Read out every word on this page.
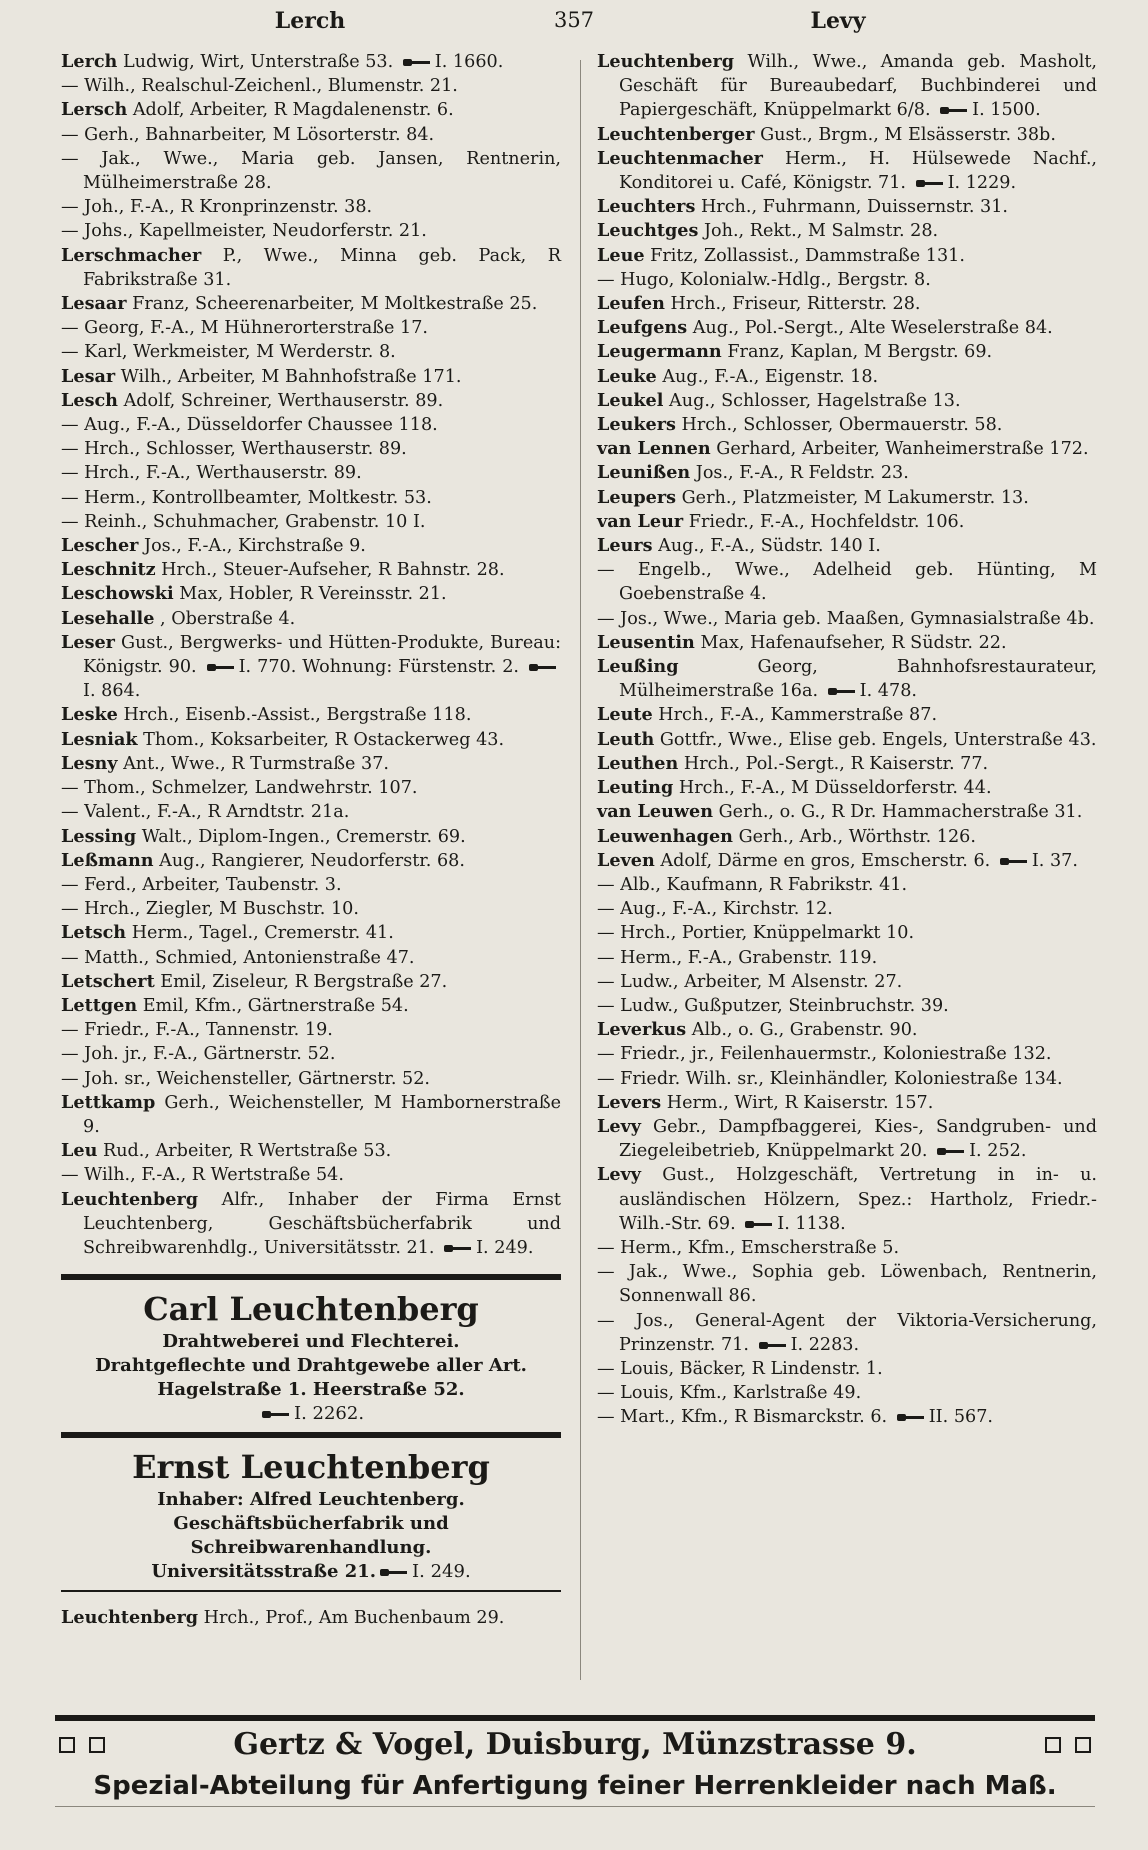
Lerch	357	Levy

Lerch Ludwig, Wirt, Unterstraße 53. I. 1660.

— Wilh., Realschul-Zeichenl., Blumenstr. 21.

Lersch Adolf, Arbeiter, R Magdalenenstr. 6.

— Gerh., Bahnarbeiter, M Lösorterstr. 84.

— Jak., Wwe., Maria geb. Jansen, Rentnerin, Mülheimerstraße 28.

— Joh., F.-A., R Kronprinzenstr. 38.

— Johs., Kapellmeister, Neudorferstr. 21.

Lerschmacher P., Wwe., Minna geb. Pack, R Fabrikstraße 31.

Lesaar Franz, Scheerenarbeiter, M Moltkestraße 25.

— Georg, F.-A., M Hühnerorterstraße 17.

— Karl, Werkmeister, M Werderstr. 8.

Lesar Wilh., Arbeiter, M Bahnhofstraße 171.

Lesch Adolf, Schreiner, Werthauserstr. 89.

— Aug., F.-A., Düsseldorfer Chaussee 118.

— Hrch., Schlosser, Werthauserstr. 89.

— Hrch., F.-A., Werthauserstr. 89.

— Herm., Kontrollbeamter, Moltkestr. 53.

— Reinh., Schuhmacher, Grabenstr. 10 I.

Lescher Jos., F.-A., Kirchstraße 9.

Leschnitz Hrch., Steuer-Aufseher, R Bahnstr. 28.

Leschowski Max, Hobler, R Vereinsstr. 21.

Lesehalle , Oberstraße 4.

Leser Gust., Bergwerks- und Hütten-Produkte, Bureau: Königstr. 90. I. 770. Wohnung: Fürstenstr. 2. I. 864.

Leske Hrch., Eisenb.-Assist., Bergstraße 118.

Lesniak Thom., Koksarbeiter, R Ostackerweg 43.

Lesny Ant., Wwe., R Turmstraße 37.

— Thom., Schmelzer, Landwehrstr. 107.

— Valent., F.-A., R Arndtstr. 21a.

Lessing Walt., Diplom-Ingen., Cremerstr. 69.

Leßmann Aug., Rangierer, Neudorferstr. 68.

— Ferd., Arbeiter, Taubenstr. 3.

— Hrch., Ziegler, M Buschstr. 10.

Letsch Herm., Tagel., Cremerstr. 41.

— Matth., Schmied, Antonienstraße 47.

Letschert Emil, Ziseleur, R Bergstraße 27.

Lettgen Emil, Kfm., Gärtnerstraße 54.

— Friedr., F.-A., Tannenstr. 19.

— Joh. jr., F.-A., Gärtnerstr. 52.

— Joh. sr., Weichensteller, Gärtnerstr. 52.

Lettkamp Gerh., Weichensteller, M Hambornerstraße 9.

Leu Rud., Arbeiter, R Wertstraße 53.

— Wilh., F.-A., R Wertstraße 54.

Leuchtenberg Alfr., Inhaber der Firma Ernst Leuchtenberg, Geschäftsbücherfabrik und Schreibwarenhdlg., Universitätsstr. 21. I. 249.

Carl Leuchtenberg
Drahtweberei und Flechterei.
Drahtgeflechte und Drahtgewebe aller Art.
Hagelstraße 1. Heerstraße 52.
I. 2262.
Ernst Leuchtenberg
Inhaber: Alfred Leuchtenberg.
Geschäftsbücherfabrik und
Schreibwarenhandlung.
Universitätsstraße 21. I. 249.

Leuchtenberg Hrch., Prof., Am Buchenbaum 29.

Leuchtenberg Wilh., Wwe., Amanda geb. Masholt, Geschäft für Bureaubedarf, Buchbinderei und Papiergeschäft, Knüppelmarkt 6/8. I. 1500.

Leuchtenberger Gust., Brgm., M Elsässerstr. 38b.

Leuchtenmacher Herm., H. Hülsewede Nachf., Konditorei u. Café, Königstr. 71. I. 1229.

Leuchters Hrch., Fuhrmann, Duissernstr. 31.

Leuchtges Joh., Rekt., M Salmstr. 28.

Leue Fritz, Zollassist., Dammstraße 131.

— Hugo, Kolonialw.-Hdlg., Bergstr. 8.

Leufen Hrch., Friseur, Ritterstr. 28.

Leufgens Aug., Pol.-Sergt., Alte Weselerstraße 84.

Leugermann Franz, Kaplan, M Bergstr. 69.

Leuke Aug., F.-A., Eigenstr. 18.

Leukel Aug., Schlosser, Hagelstraße 13.

Leukers Hrch., Schlosser, Obermauerstr. 58.

van Lennen Gerhard, Arbeiter, Wanheimerstraße 172.

Leunißen Jos., F.-A., R Feldstr. 23.

Leupers Gerh., Platzmeister, M Lakumerstr. 13.

van Leur Friedr., F.-A., Hochfeldstr. 106.

Leurs Aug., F.-A., Südstr. 140 I.

— Engelb., Wwe., Adelheid geb. Hünting, M Goebenstraße 4.

— Jos., Wwe., Maria geb. Maaßen, Gymnasialstraße 4b.

Leusentin Max, Hafenaufseher, R Südstr. 22.

Leußing	Georg, Bahnhofsrestaurateur, Mülheimerstraße 16a. I. 478.

Leute Hrch., F.-A., Kammerstraße 87.

Leuth Gottfr., Wwe., Elise geb. Engels, Unterstraße 43.

Leuthen Hrch., Pol.-Sergt., R Kaiserstr. 77.

Leuting Hrch., F.-A., M Düsseldorferstr. 44.

van Leuwen Gerh., o. G., R Dr. Hammacherstraße 31.

Leuwenhagen Gerh., Arb., Wörthstr. 126.

Leven Adolf, Därme en gros, Emscherstr. 6. I. 37.

— Alb., Kaufmann, R Fabrikstr. 41.

— Aug., F.-A., Kirchstr. 12.

— Hrch., Portier, Knüppelmarkt 10.

— Herm., F.-A., Grabenstr. 119.

— Ludw., Arbeiter, M Alsenstr. 27.

— Ludw., Gußputzer, Steinbruchstr. 39.

Leverkus Alb., o. G., Grabenstr. 90.

— Friedr., jr., Feilenhauermstr., Koloniestraße 132.

— Friedr. Wilh. sr., Kleinhändler, Koloniestraße 134.

Levers Herm., Wirt, R Kaiserstr. 157.

Levy Gebr., Dampfbaggerei, Kies-, Sandgruben- und Ziegeleibetrieb, Knüppelmarkt 20. I. 252.

Levy Gust., Holzgeschäft, Vertretung in in- u. ausländischen Hölzern, Spez.: Hartholz, Friedr.-Wilh.-Str. 69. I. 1138.

— Herm., Kfm., Emscherstraße 5.

— Jak., Wwe., Sophia geb. Löwenbach, Rentnerin, Sonnenwall 86.

— Jos., General-Agent der Viktoria-Versicherung, Prinzenstr. 71. I. 2283.

— Louis, Bäcker, R Lindenstr. 1.

— Louis, Kfm., Karlstraße 49.

— Mart., Kfm., R Bismarckstr. 6. II. 567.

Gertz & Vogel, Duisburg, Münzstrasse 9.
Spezial-Abteilung für Anfertigung feiner Herrenkleider nach Maß.
